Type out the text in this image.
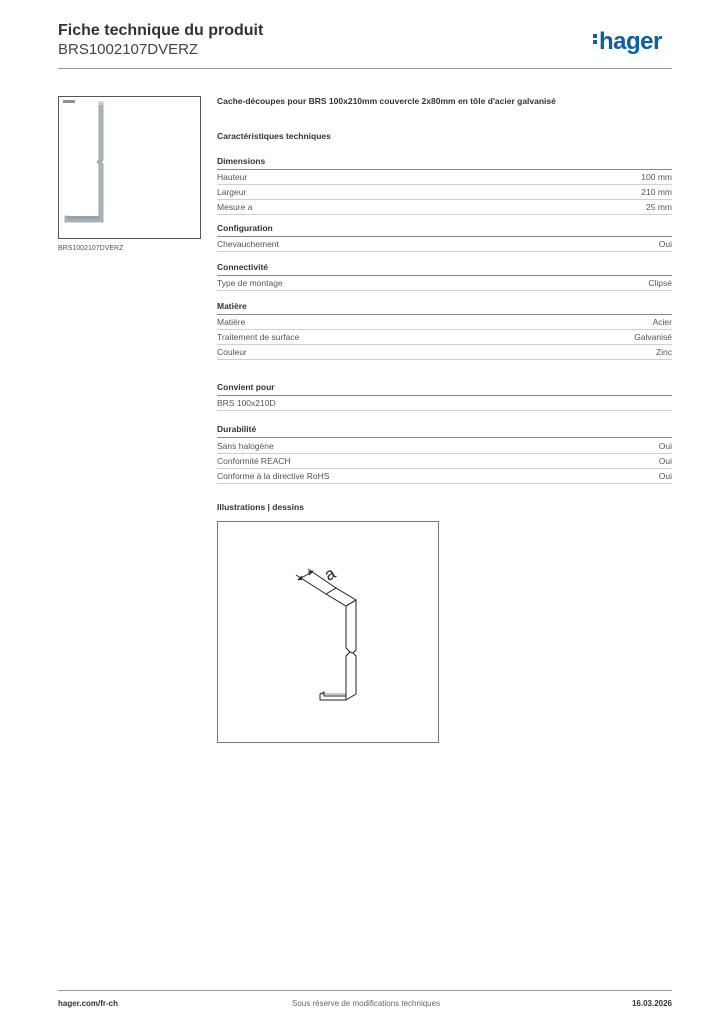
Fiche technique du produit
BRS1002107DVERZ	hager
BRS1002107DVERZ
Cache-découpes pour BRS 100x210mm couvercle 2x80mm en tôle d'acier galvanisé
Caractéristiques techniques
Dimensions
Hauteur	100 mm
Largeur	210 mm
Mesure a	25 mm
Configuration
Chevauchement	Oui
Connectivité
Type de montage	Clipsé
Matière
Matière	Acier
Traitement de surface	Galvanisé
Couleur	Zinc
Convient pour
BRS 100x210D
Durabilité
Sans halogène	Oui
Conformité REACH	Oui
Conforme à la directive RoHS	Oui
Illustrations | dessins
a
hager.com/fr-ch	Sous réserve de modifications techniques	16.03.2026
